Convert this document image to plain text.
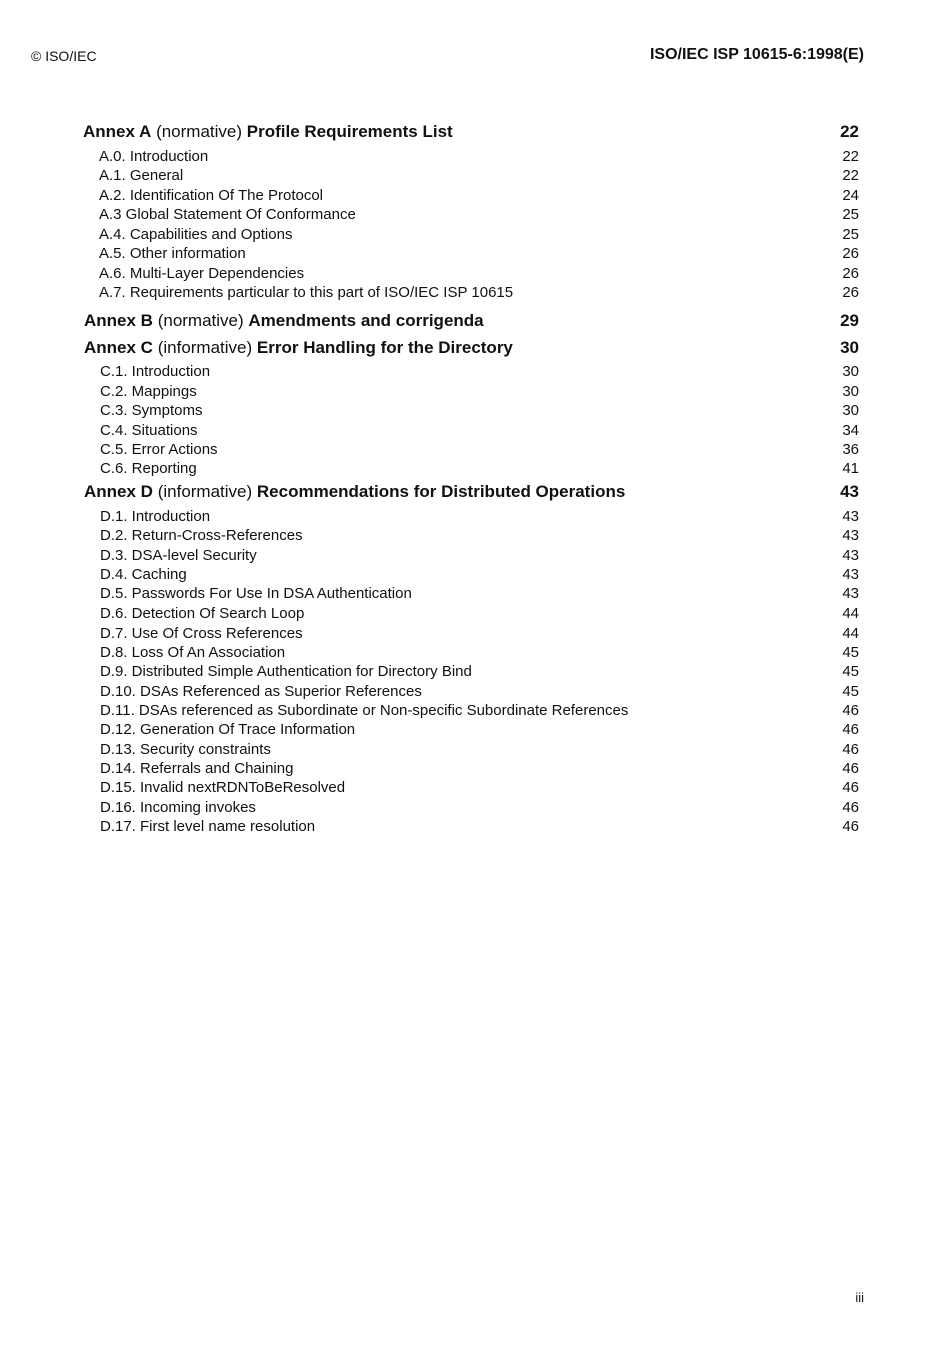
© ISO/IEC	ISO/IEC ISP 10615-6:1998(E)
Annex A (normative) Profile Requirements List	22
A.0. Introduction	22
A.1. General	22
A.2. Identification Of The Protocol	24
A.3 Global Statement Of Conformance	25
A.4. Capabilities and Options	25
A.5. Other information	26
A.6. Multi-Layer Dependencies	26
A.7. Requirements particular to this part of ISO/IEC ISP 10615	26
Annex B (normative) Amendments and corrigenda	29
Annex C (informative) Error Handling for the Directory	30
C.1. Introduction	30
C.2. Mappings	30
C.3. Symptoms	30
C.4. Situations	34
C.5. Error Actions	36
C.6. Reporting	41
Annex D (informative) Recommendations for Distributed Operations	43
D.1. Introduction	43
D.2. Return-Cross-References	43
D.3. DSA-level Security	43
D.4. Caching	43
D.5. Passwords For Use In DSA Authentication	43
D.6. Detection Of Search Loop	44
D.7. Use Of Cross References	44
D.8. Loss Of An Association	45
D.9. Distributed Simple Authentication for Directory Bind	45
D.10. DSAs Referenced as Superior References	45
D.11. DSAs referenced as Subordinate or Non-specific Subordinate References	46
D.12. Generation Of Trace Information	46
D.13. Security constraints	46
D.14. Referrals and Chaining	46
D.15. Invalid nextRDNToBeResolved	46
D.16. Incoming invokes	46
D.17. First level name resolution	46
iii
